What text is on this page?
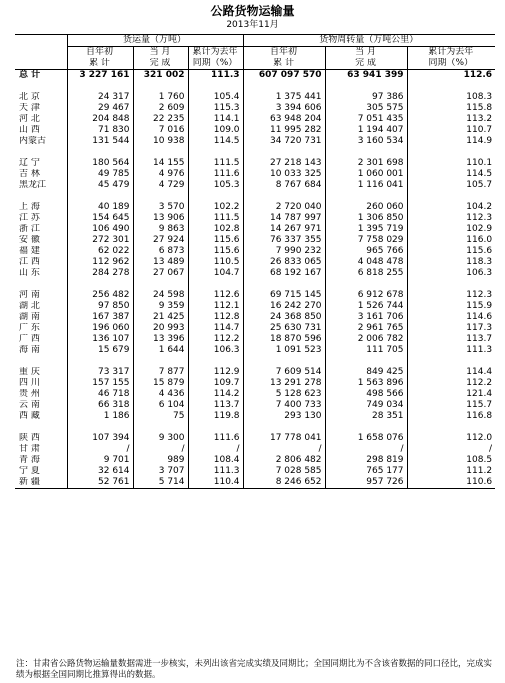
公路货物运输量
2013年11月
	货运量（万吨）			货物周转量（万吨公里）		
	自年初	当 月	累计为去年	自年初	当 月	累计为去年
	累 计	完 成	同期（%）	累 计	完 成	同期（%）
总 计	3 227 161	321 002	111.3	607 097 570	63 941 399	112.6

北 京	24 317	1 760	105.4	1 375 441	97 386	108.3
天 津	29 467	2 609	115.3	3 394 606	305 575	115.8
河 北	204 848	22 235	114.1	63 948 204	7 051 435	113.2
山 西	71 830	7 016	109.0	11 995 282	1 194 407	110.7
内蒙古	131 544	10 938	114.5	34 720 731	3 160 534	114.9

辽 宁	180 564	14 155	111.5	27 218 143	2 301 698	110.1
吉 林	49 785	4 976	111.6	10 033 325	1 060 001	114.5
黑龙江	45 479	4 729	105.3	8 767 684	1 116 041	105.7

上 海	40 189	3 570	102.2	2 720 040	260 060	104.2
江 苏	154 645	13 906	111.5	14 787 997	1 306 850	112.3
浙 江	106 490	9 863	102.8	14 267 971	1 395 719	102.9
安 徽	272 301	27 924	115.6	76 337 355	7 758 029	116.0
福 建	62 022	6 873	115.6	7 990 232	965 766	115.6
江 西	112 962	13 489	110.5	26 833 065	4 048 478	118.3
山 东	284 278	27 067	104.7	68 192 167	6 818 255	106.3

河 南	256 482	24 598	112.6	69 715 145	6 912 678	112.3
湖 北	97 850	9 359	112.1	16 242 270	1 526 744	115.9
湖 南	167 387	21 425	112.8	24 368 850	3 161 706	114.6
广 东	196 060	20 993	114.7	25 630 731	2 961 765	117.3
广 西	136 107	13 396	112.2	18 870 596	2 006 782	113.7
海 南	15 679	1 644	106.3	1 091 523	111 705	111.3

重 庆	73 317	7 877	112.9	7 609 514	849 425	114.4
四 川	157 155	15 879	109.7	13 291 278	1 563 896	112.2
贵 州	46 718	4 436	114.2	5 128 623	498 566	121.4
云 南	66 318	6 104	113.7	7 400 733	749 034	115.7
西 藏	1 186	75	119.8	293 130	28 351	116.8

陕 西	107 394	9 300	111.6	17 778 041	1 658 076	112.0
甘 肃	/	/	/	/	/	/
青 海	9 701	989	108.4	2 806 482	298 819	108.5
宁 夏	32 614	3 707	111.3	7 028 585	765 177	111.2
新 疆	52 761	5 714	110.4	8 246 652	957 726	110.6
注：甘肃省公路货物运输量数据需进一步核实，未列出该省完成实绩及同期比；全国同期比为不含该省数据的同口径比，完成实绩为根据全国同期比推算得出的数据。
